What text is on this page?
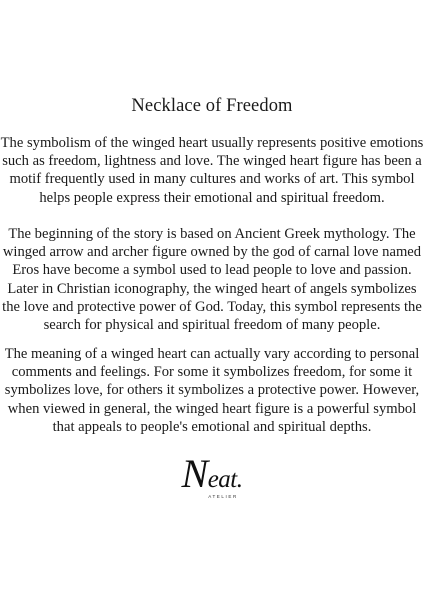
Necklace of Freedom

The symbolism of the winged heart usually represents positive emotions
such as freedom, lightness and love. The winged heart figure has been a
motif frequently used in many cultures and works of art. This symbol
helps people express their emotional and spiritual freedom.

The beginning of the story is based on Ancient Greek mythology. The
winged arrow and archer figure owned by the god of carnal love named
Eros have become a symbol used to lead people to love and passion.
Later in Christian iconography, the winged heart of angels symbolizes
the love and protective power of God. Today, this symbol represents the
search for physical and spiritual freedom of many people.

The meaning of a winged heart can actually vary according to personal
comments and feelings. For some it symbolizes freedom, for some it
symbolizes love, for others it symbolizes a protective power. However,
when viewed in general, the winged heart figure is a powerful symbol
that appeals to people's emotional and spiritual depths.

Neat.
ATELIER
